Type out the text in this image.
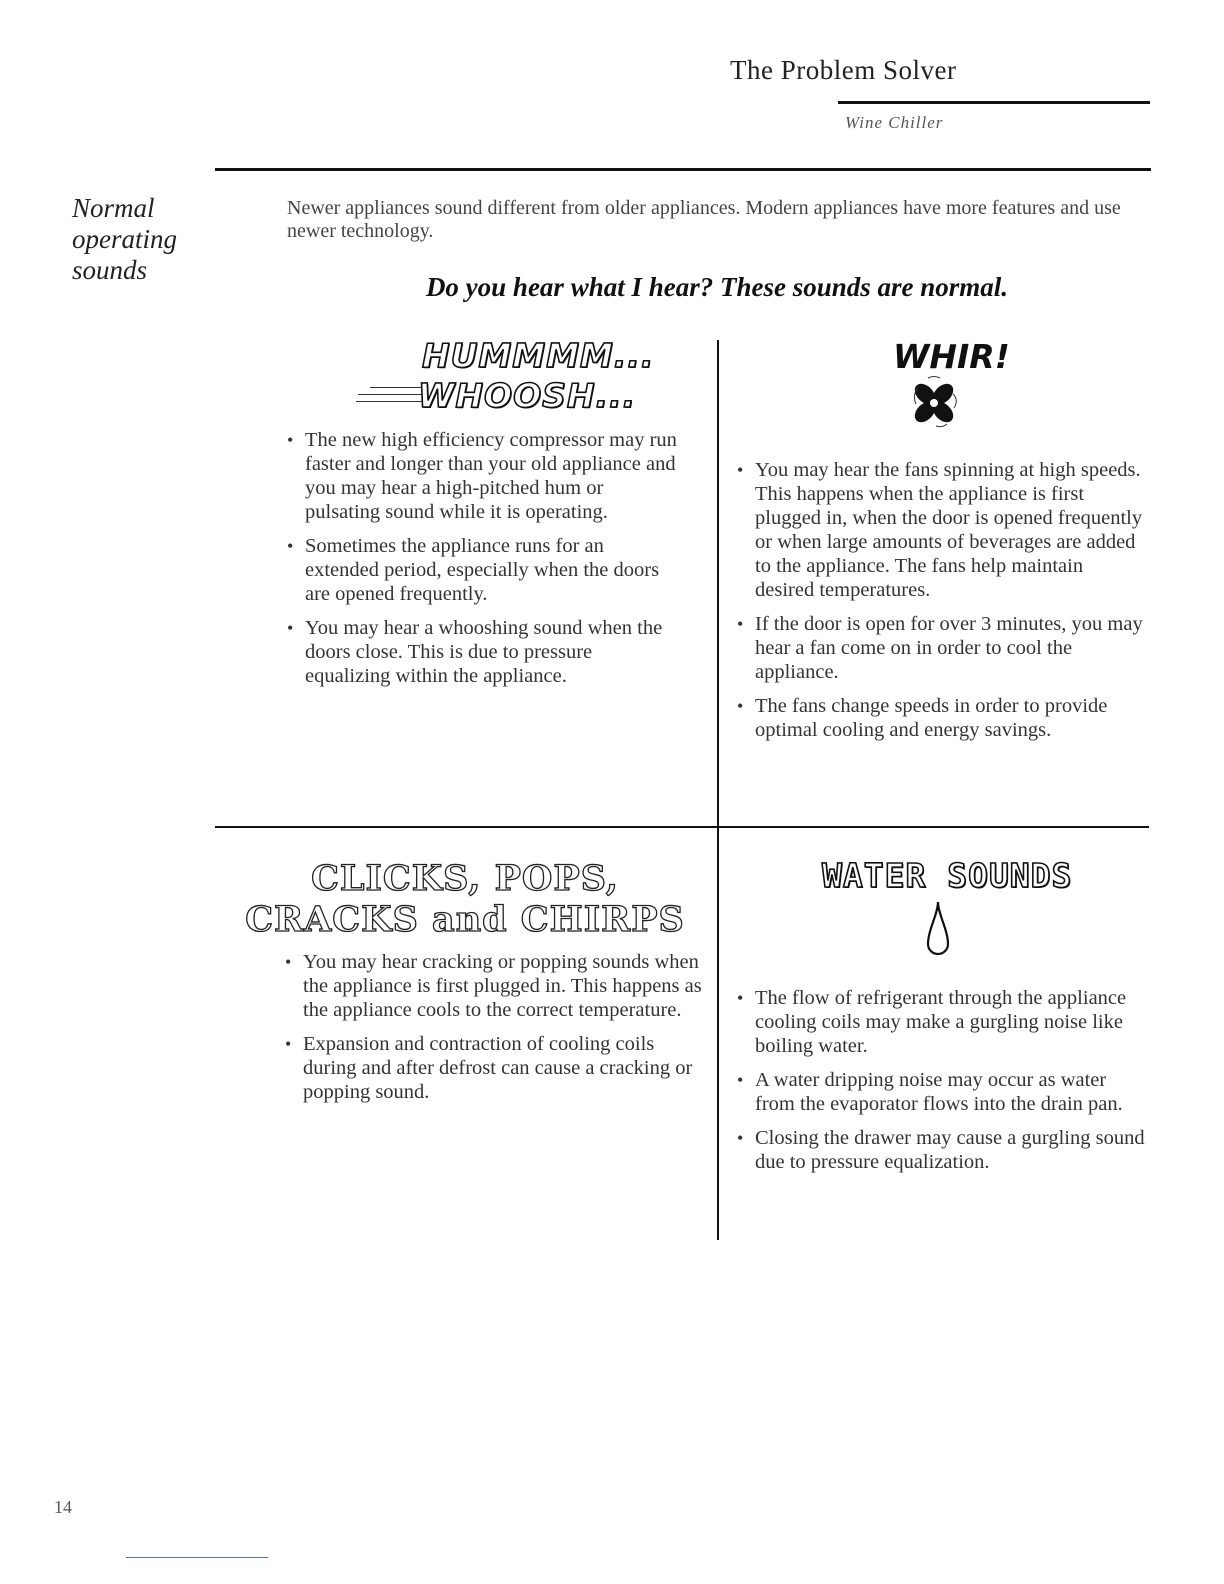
The Problem Solver
Wine Chiller
Normal
operating
sounds
Newer appliances sound different from older appliances. Modern appliances have more features and use newer technology.
Do you hear what I hear? These sounds are normal.
HUMMMM...
WHOOSH...
• The new high efficiency compressor may run faster and longer than your old appliance and you may hear a high-pitched hum or pulsating sound while it is operating.
• Sometimes the appliance runs for an extended period, especially when the doors are opened frequently.
• You may hear a whooshing sound when the doors close. This is due to pressure equalizing within the appliance.
WHIR!
• You may hear the fans spinning at high speeds. This happens when the appliance is first plugged in, when the door is opened frequently or when large amounts of beverages are added to the appliance. The fans help maintain desired temperatures.
• If the door is open for over 3 minutes, you may hear a fan come on in order to cool the appliance.
• The fans change speeds in order to provide optimal cooling and energy savings.
CLICKS, POPS,
CRACKS and CHIRPS
• You may hear cracking or popping sounds when the appliance is first plugged in. This happens as the appliance cools to the correct temperature.
• Expansion and contraction of cooling coils during and after defrost can cause a cracking or popping sound.
WATER SOUNDS
• The flow of refrigerant through the appliance cooling coils may make a gurgling noise like boiling water.
• A water dripping noise may occur as water from the evaporator flows into the drain pan.
• Closing the drawer may cause a gurgling sound due to pressure equalization.
14
